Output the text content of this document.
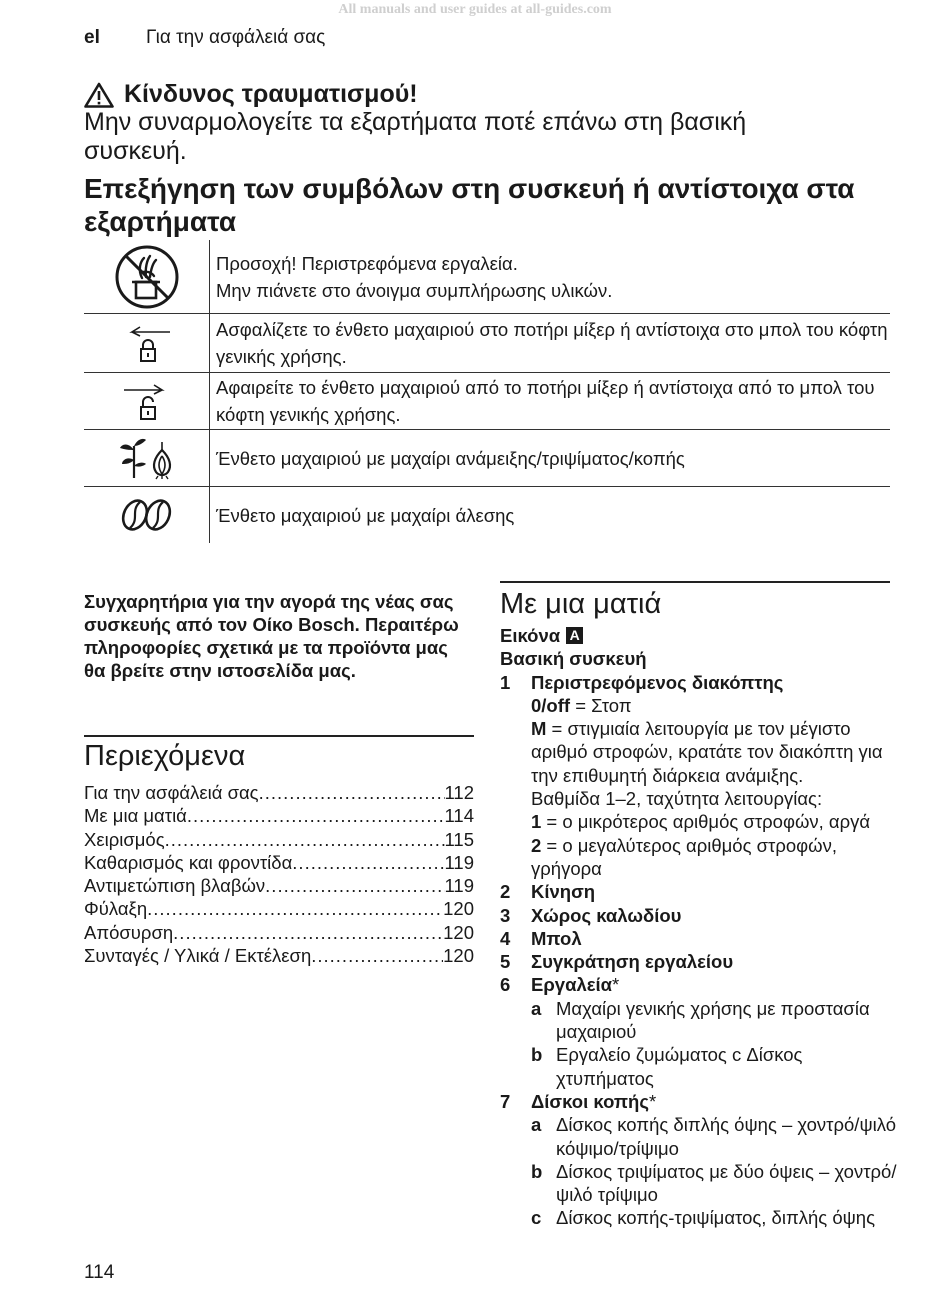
All manuals and user guides at all-guides.com
el Για την ασφάλειά σας
Κίνδυνος τραυματισμού!
Μην συναρμολογείτε τα εξαρτήματα ποτέ επάνω στη βασική συσκευή.
Επεξήγηση των συμβόλων στη συσκευή ή αντίστοιχα στα εξαρτήματα
Προσοχή! Περιστρεφόμενα εργαλεία.
Μην πιάνετε στο άνοιγμα συμπλήρωσης υλικών.
Ασφαλίζετε το ένθετο μαχαιριού στο ποτήρι μίξερ ή αντίστοιχα στο μπολ του κόφτη γενικής χρήσης.
Αφαιρείτε το ένθετο μαχαιριού από το ποτήρι μίξερ ή αντίστοιχα από το μπολ του κόφτη γενικής χρήσης.
Ένθετο μαχαιριού με μαχαίρι ανάμειξης/τριψίματος/κοπής
Ένθετο μαχαιριού με μαχαίρι άλεσης
Συγχαρητήρια για την αγορά της νέας σας συσκευής από τον Οίκο Bosch. Περαιτέρω πληροφορίες σχετικά με τα προϊόντα μας θα βρείτε στην ιστοσελίδα μας.
Περιεχόμενα
Για την ασφάλειά σας .....	112
Με μια ματιά .....	114
Χειρισμός .....	115
Καθαρισμός και φροντίδα .....	119
Αντιμετώπιση βλαβών .....	119
Φύλαξη .....	120
Απόσυρση .....	120
Συνταγές / Υλικά / Εκτέλεση .....	120
Με μια ματιά
Εικόνα A
Βασική συσκευή
1	Περιστρεφόμενος διακόπτης
0/off = Στοπ
M = στιγμιαία λειτουργία με τον μέγιστο αριθμό στροφών, κρατάτε τον διακόπτη για την επιθυμητή διάρκεια ανάμιξης.
Βαθμίδα 1–2, ταχύτητα λειτουργίας:
1 = ο μικρότερος αριθμός στροφών, αργά
2 = ο μεγαλύτερος αριθμός στροφών, γρήγορα
2	Κίνηση
3	Χώρος καλωδίου
4	Μπολ
5	Συγκράτηση εργαλείου
6	Εργαλεία*
a Μαχαίρι γενικής χρήσης με προστασία μαχαιριού
b Εργαλείο ζυμώματος c Δίσκος χτυπήματος
7	Δίσκοι κοπής*
a Δίσκος κοπής διπλής όψης – χοντρό/ψιλό κόψιμο/τρίψιμο
b Δίσκος τριψίματος με δύο όψεις – χοντρό/ψιλό τρίψιμο
c Δίσκος κοπής-τριψίματος, διπλής όψης
114
